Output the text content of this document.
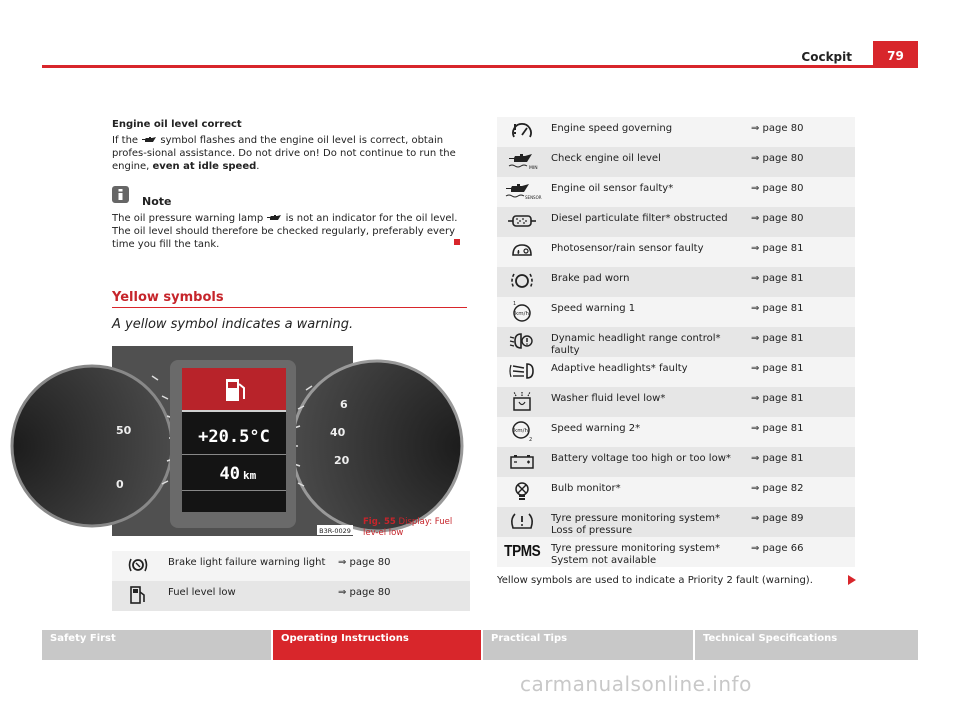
Cockpit	79

Engine oil level correct

If the  symbol flashes and the engine oil level is correct, obtain profes-sional assistance. Do not drive on! Do not continue to run the engine, even at idle speed.

Note
The oil pressure warning lamp  is not an indicator for the oil level. The oil level should therefore be checked regularly, preferably every time you fill the tank.
Yellow symbols
A yellow symbol indicates a warning.
50
6
40
20
0
+20.5°C
40 km
B3R-0029
Fig. 55 Display: Fuel lev-el low
	Brake light failure warning light	⇒ page 80
	Fuel level low	⇒ page 80
	Engine speed governing	⇒ page 80

MIN	Check engine oil level	⇒ page 80

SENSOR	Engine oil sensor faulty*	⇒ page 80
	Diesel particulate filter* obstructed	⇒ page 80
	Photosensor/rain sensor faulty	⇒ page 81
	Brake pad worn	⇒ page 81

km/h
1	Speed warning 1	⇒ page 81
	Dynamic headlight range control* faulty	⇒ page 81
	Adaptive headlights* faulty	⇒ page 81
	Washer fluid level low*	⇒ page 81

km/h
2	Speed warning 2*	⇒ page 81
	Battery voltage too high or too low*	⇒ page 81
	Bulb monitor*	⇒ page 82
	Tyre pressure monitoring system*
Loss of pressure	⇒ page 89
TPMS	Tyre pressure monitoring system*
System not available	⇒ page 66
Yellow symbols are used to indicate a Priority 2 fault (warning).
Safety First	Operating Instructions	Practical Tips	Technical Specifications
carmanualsonline.info
